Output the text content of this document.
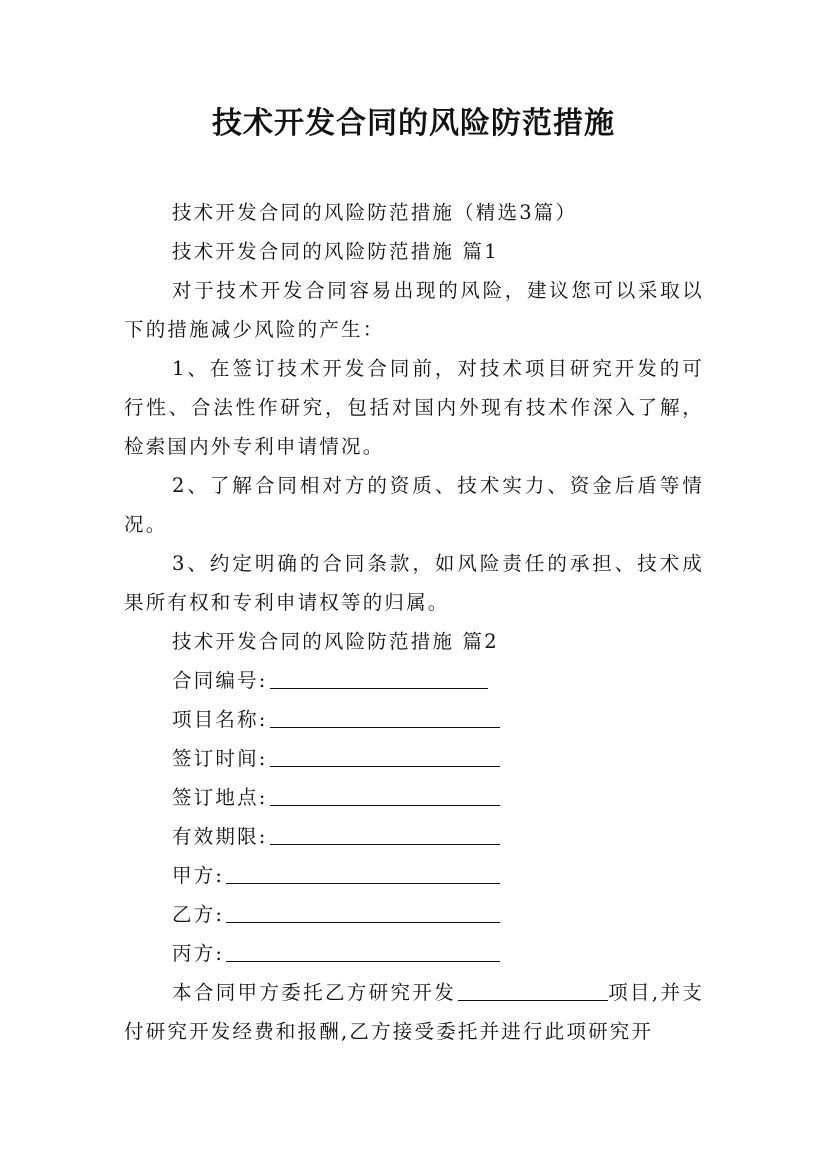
技术开发合同的风险防范措施

技术开发合同的风险防范措施（精选3篇）

技术开发合同的风险防范措施 篇1

对于技术开发合同容易出现的风险，建议您可以采取以下的措施减少风险的产生：

1、在签订技术开发合同前，对技术项目研究开发的可行性、合法性作研究，包括对国内外现有技术作深入了解，检索国内外专利申请情况。

2、了解合同相对方的资质、技术实力、资金后盾等情况。

3、约定明确的合同条款，如风险责任的承担、技术成果所有权和专利申请权等的归属。

技术开发合同的风险防范措施 篇2

合同编号:

项目名称:

签订时间:

签订地点:

有效期限:

甲方:

乙方:

丙方:

本合同甲方委托乙方研究开发	项目,并支付研究开发经费和报酬,乙方接受委托并进行此项研究开
